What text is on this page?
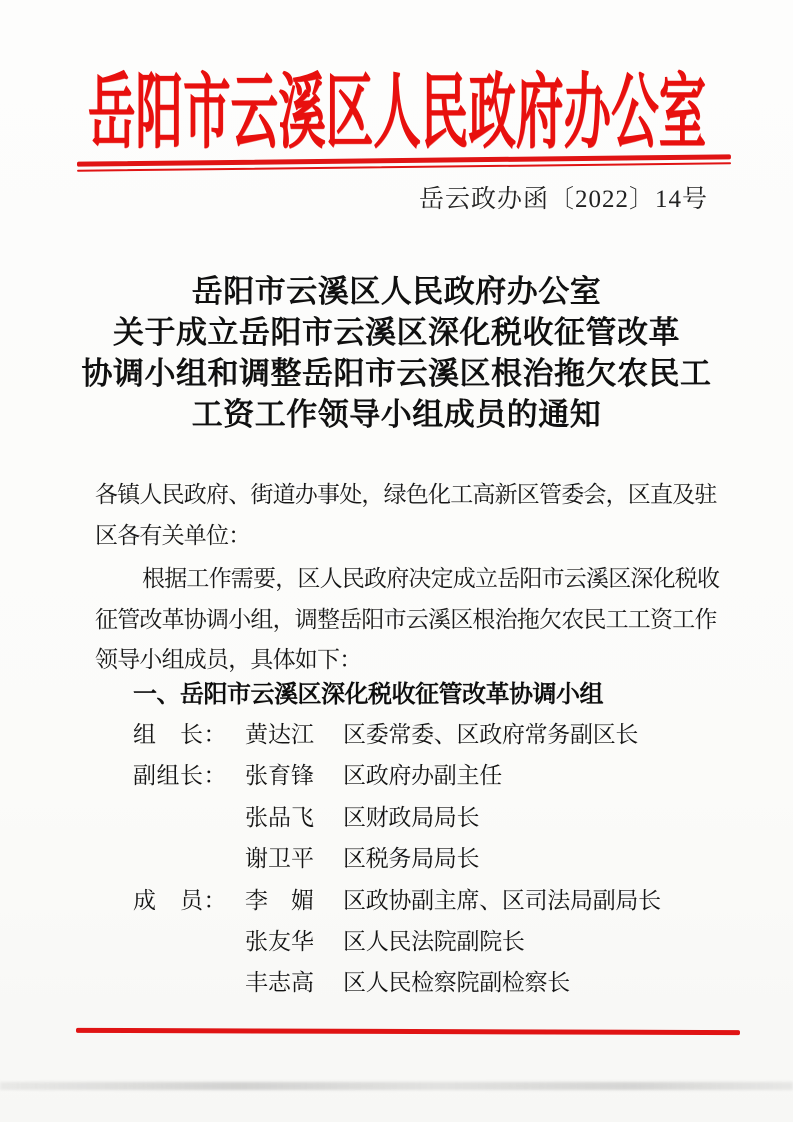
岳阳市云溪区人民政府办公室
岳云政办函〔2022〕14号
岳阳市云溪区人民政府办公室
关于成立岳阳市云溪区深化税收征管改革
协调小组和调整岳阳市云溪区根治拖欠农民工
工资工作领导小组成员的通知
各镇人民政府、街道办事处，绿色化工高新区管委会，区直及驻
区各有关单位：
根据工作需要，区人民政府决定成立岳阳市云溪区深化税收
征管改革协调小组，调整岳阳市云溪区根治拖欠农民工工资工作
领导小组成员，具体如下：
一、岳阳市云溪区深化税收征管改革协调小组
组　长： 黄达江	区委常委、区政府常务副区长
副组长： 张育锋	区政府办副主任
张品飞	区财政局局长
谢卫平	区税务局局长
成　员： 李　媚	区政协副主席、区司法局副局长
张友华	区人民法院副院长
丰志高	区人民检察院副检察长
